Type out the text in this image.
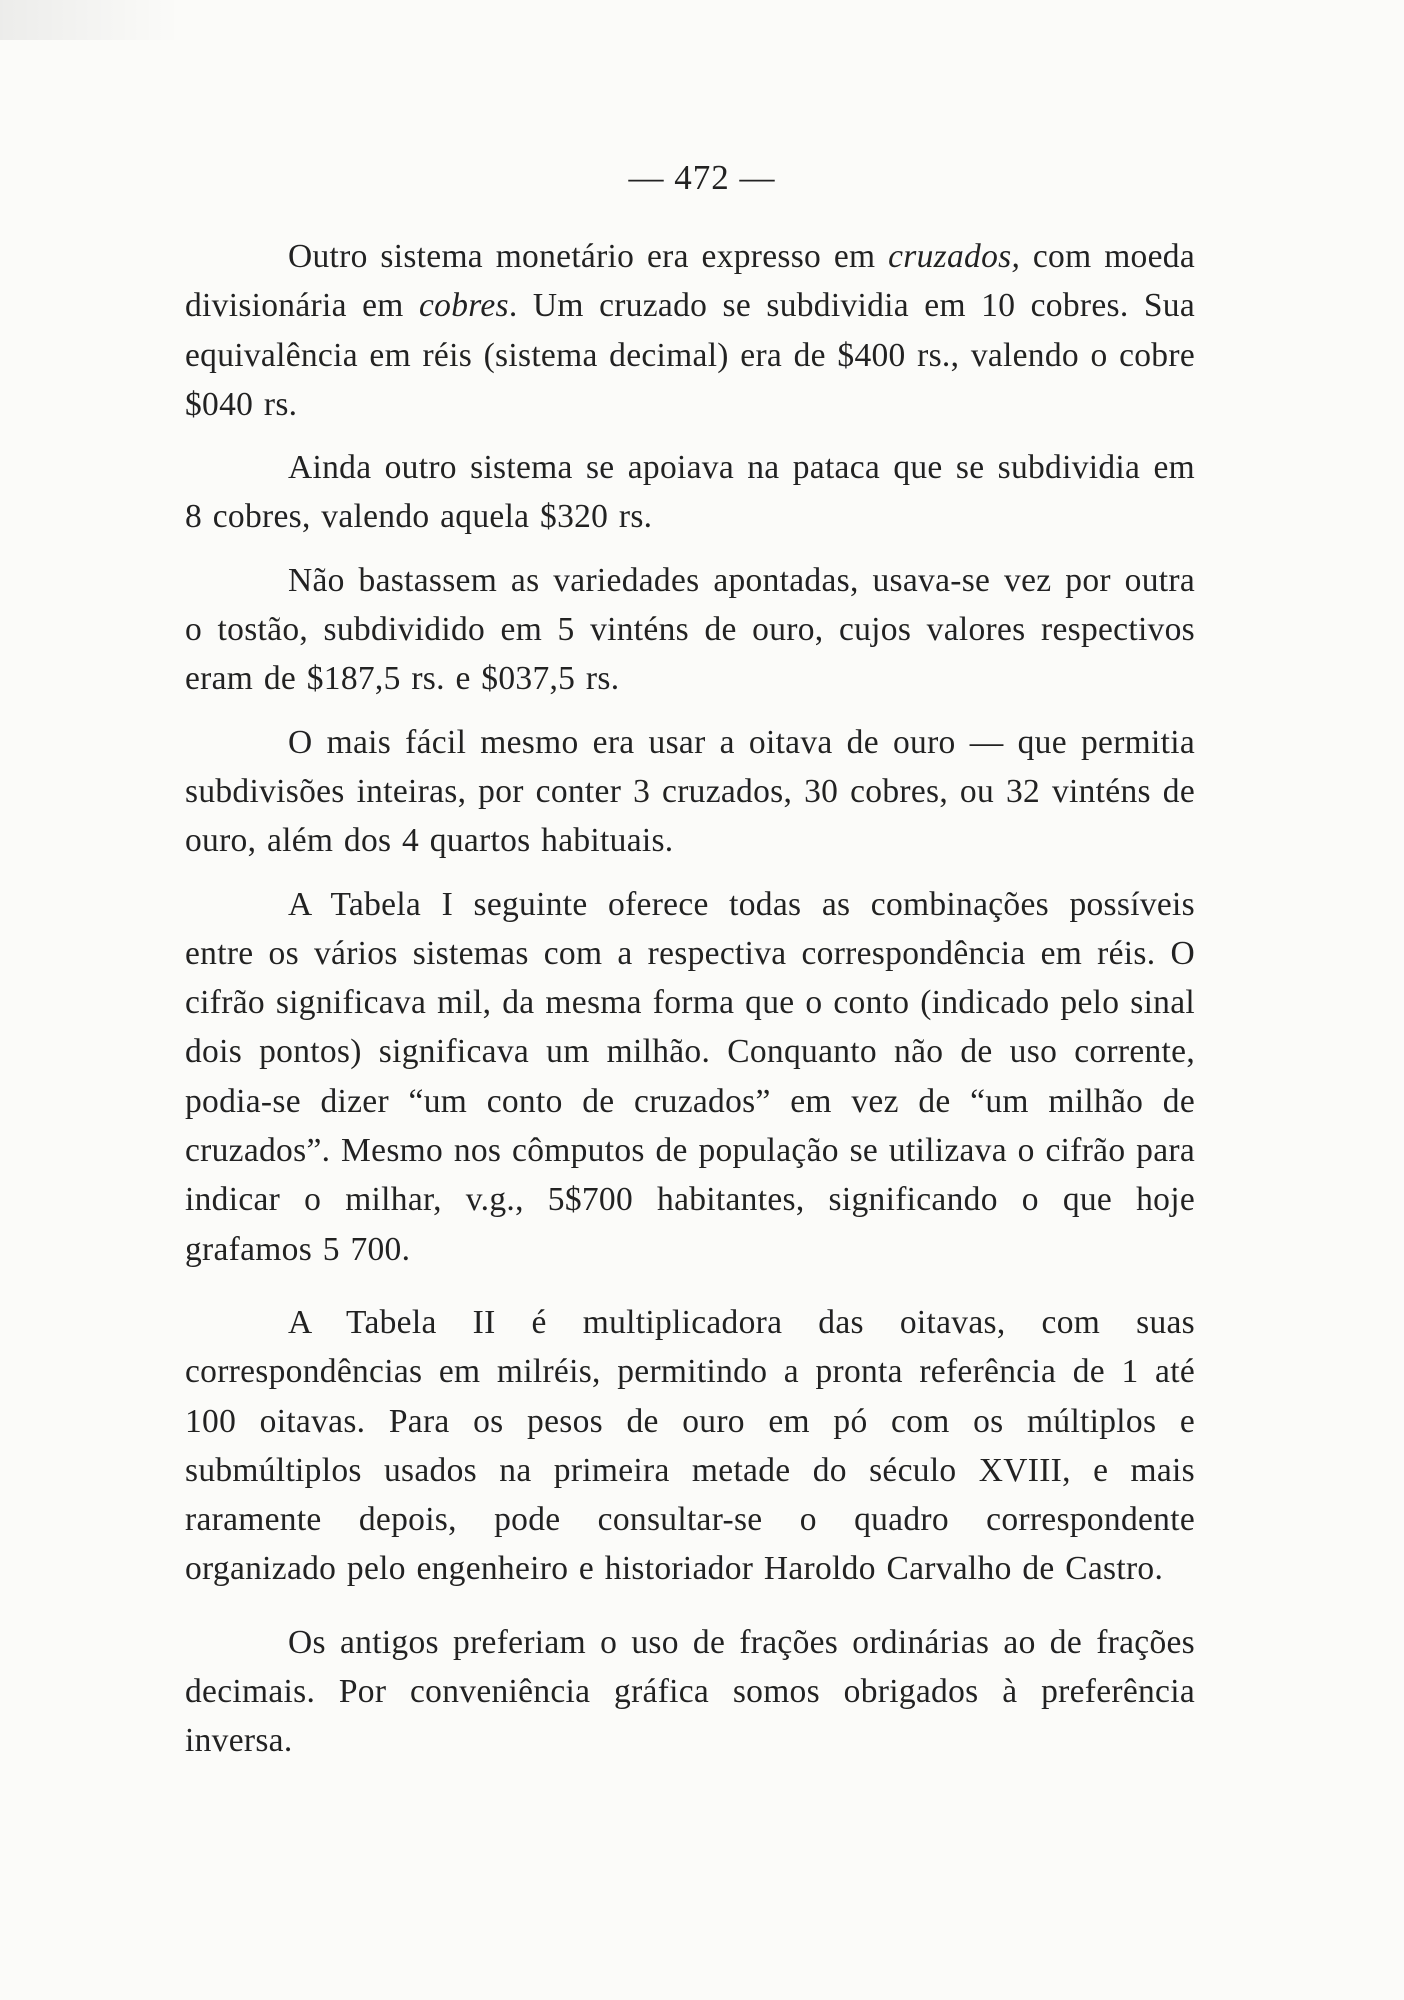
— 472 —

Outro sistema monetário era expresso em cruzados, com moeda divisionária em cobres. Um cruzado se subdividia em 10 cobres. Sua equivalência em réis (sistema decimal) era de $400 rs., valendo o cobre $040 rs.

Ainda outro sistema se apoiava na pataca que se subdividia em 8 cobres, valendo aquela $320 rs.

Não bastassem as variedades apontadas, usava-se vez por outra o tostão, subdividido em 5 vinténs de ouro, cujos valores respectivos eram de $187,5 rs. e $037,5 rs.

O mais fácil mesmo era usar a oitava de ouro — que permitia subdivisões inteiras, por conter 3 cruzados, 30 cobres, ou 32 vinténs de ouro, além dos 4 quartos habituais.

A Tabela I seguinte oferece todas as combinações possíveis entre os vários sistemas com a respectiva correspondência em réis. O cifrão significava mil, da mesma forma que o conto (indicado pelo sinal dois pontos) significava um milhão. Conquanto não de uso corrente, podia-se dizer “um conto de cruzados” em vez de “um milhão de cruzados”. Mesmo nos cômputos de população se utilizava o cifrão para indicar o milhar, v.g., 5$700 habitantes, significando o que hoje grafamos 5 700.

A Tabela II é multiplicadora das oitavas, com suas correspondências em milréis, permitindo a pronta referência de 1 até 100 oitavas. Para os pesos de ouro em pó com os múltiplos e submúltiplos usados na primeira metade do século XVIII, e mais raramente depois, pode consultar-se o quadro correspondente organizado pelo engenheiro e historiador Haroldo Carvalho de Castro.

Os antigos preferiam o uso de frações ordinárias ao de frações decimais. Por conveniência gráfica somos obrigados à preferência inversa.
